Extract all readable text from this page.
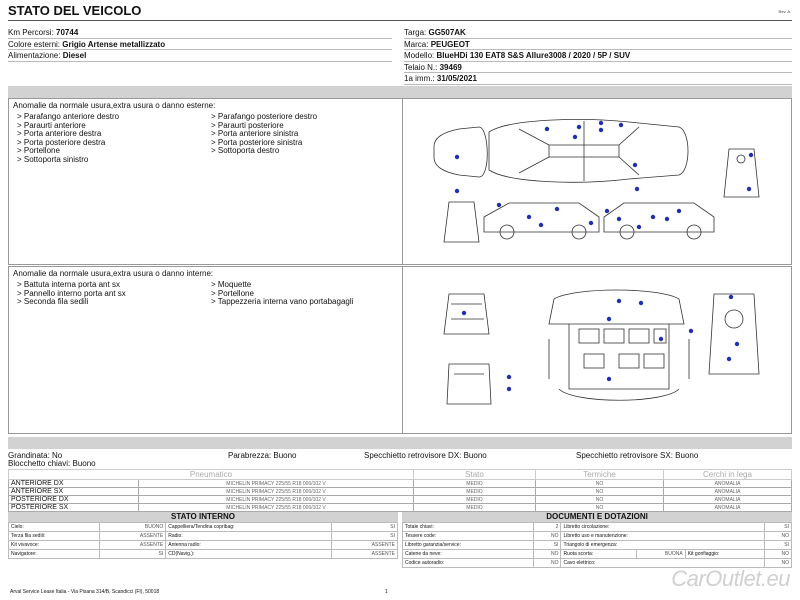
STATO DEL VEICOLO	Rev. A
Km Percorsi: 70744
Colore esterni: Grigio Artense metallizzato
Alimentazione: Diesel
Targa: GG507AK
Marca: PEUGEOT
Modello: BlueHDi 130 EAT8 S&S Allure3008 / 2020 / 5P / SUV
Telaio N.: 39469
1a imm.: 31/05/2021
Anomalie da normale usura,extra usura o danno esterne:
> Parafango anteriore destro
> Paraurti anteriore
> Porta anteriore destra
> Porta posteriore destra
> Portellone
> Sottoporta sinistro
> Parafango posteriore destro
> Paraurti posteriore
> Porta anteriore sinistra
> Porta posteriore sinistra
> Sottoporta destro
Anomalie da normale usura,extra usura o danno interne:
> Battuta interna porta ant sx
> Pannello interno porta ant sx
> Seconda fila sedili
> Moquette
> Portellone
> Tappezzeria interna vano portabagagli
Grandinata: No	Parabrezza: Buono	Specchietto retrovisore DX: Buono	Specchietto retrovisore SX: Buono
Blocchetto chiavi: Buono
Pneumatico		Stato	Termiche	Cerchi in lega
ANTERIORE DX	MICHELIN PRIMACY 225/55 R18 000/102 V	MEDIO	NO	ANOMALIA
ANTERIORE SX	MICHELIN PRIMACY 225/55 R18 000/102 V	MEDIO	NO	ANOMALIA
POSTERIORE DX	MICHELIN PRIMACY 225/55 R18 000/102 V	MEDIO	NO	ANOMALIA
POSTERIORE SX	MICHELIN PRIMACY 225/55 R18 000/102 V	MEDIO	NO	ANOMALIA
STATO INTERNO
Cielo:	BUONO	Cappelliera/Tendina copribag:	SI
Terza fila sedili:	ASSENTE	Radio:	SI
Kit vivavoce:	ASSENTE	Antenna radio:	ASSENTE
Navigatore:	SI	CD(Navig.):	ASSENTE
DOCUMENTI E DOTAZIONI
Totale chiavi:	2	Libretto circolazione:			SI
Tessere code:	NO	Libretto uso e manutenzione:			NO
Libretto garanzia/service:	SI	Triangolo di emergenza:			SI
Catene da neve:	NO	Ruota scorta:	BUONA	Kit gonfiaggio:	NO
Codice autoradio:	NO	Cavo elettrico:			NO
Arval Service Lease Italia - Via Pisana 314/B, Scandicci (FI), 50018	1
CarOutlet.eu
